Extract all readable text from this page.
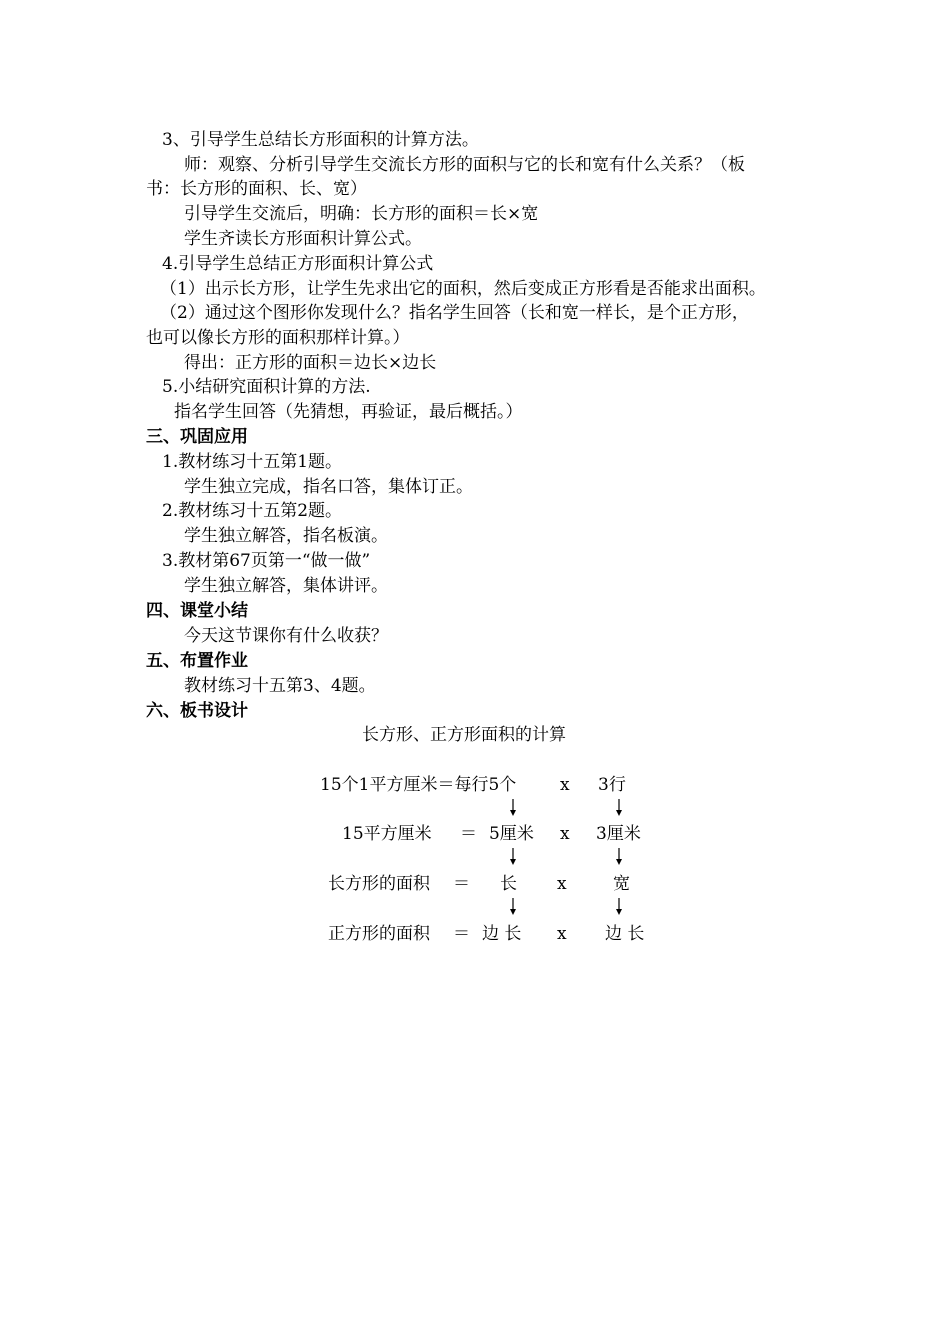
3、引导学生总结长方形面积的计算方法。
师：观察、分析引导学生交流长方形的面积与它的长和宽有什么关系？（板
书：长方形的面积、长、宽）
引导学生交流后，明确：长方形的面积＝长×宽
学生齐读长方形面积计算公式。
4.引导学生总结正方形面积计算公式
（1）出示长方形，让学生先求出它的面积，然后变成正方形看是否能求出面积。
（2）通过这个图形你发现什么？指名学生回答（长和宽一样长，是个正方形，
也可以像长方形的面积那样计算。）
得出：正方形的面积＝边长×边长
5.小结研究面积计算的方法.
指名学生回答（先猜想，再验证，最后概括。）
三、巩固应用
1.教材练习十五第1题。
学生独立完成，指名口答，集体订正。
2.教材练习十五第2题。
学生独立解答，指名板演。
3.教材第67页第一“做一做”
学生独立解答，集体讲评。
四、课堂小结
今天这节课你有什么收获？
五、布置作业
教材练习十五第3、4题。
六、板书设计
长方形、正方形面积的计算
15个1平方厘米＝每行5个	x 3行
15平方厘米 ＝ 5厘米 x 3厘米
长方形的面积 ＝ 长 x	宽
正方形的面积 ＝ 边 长 x 边 长
